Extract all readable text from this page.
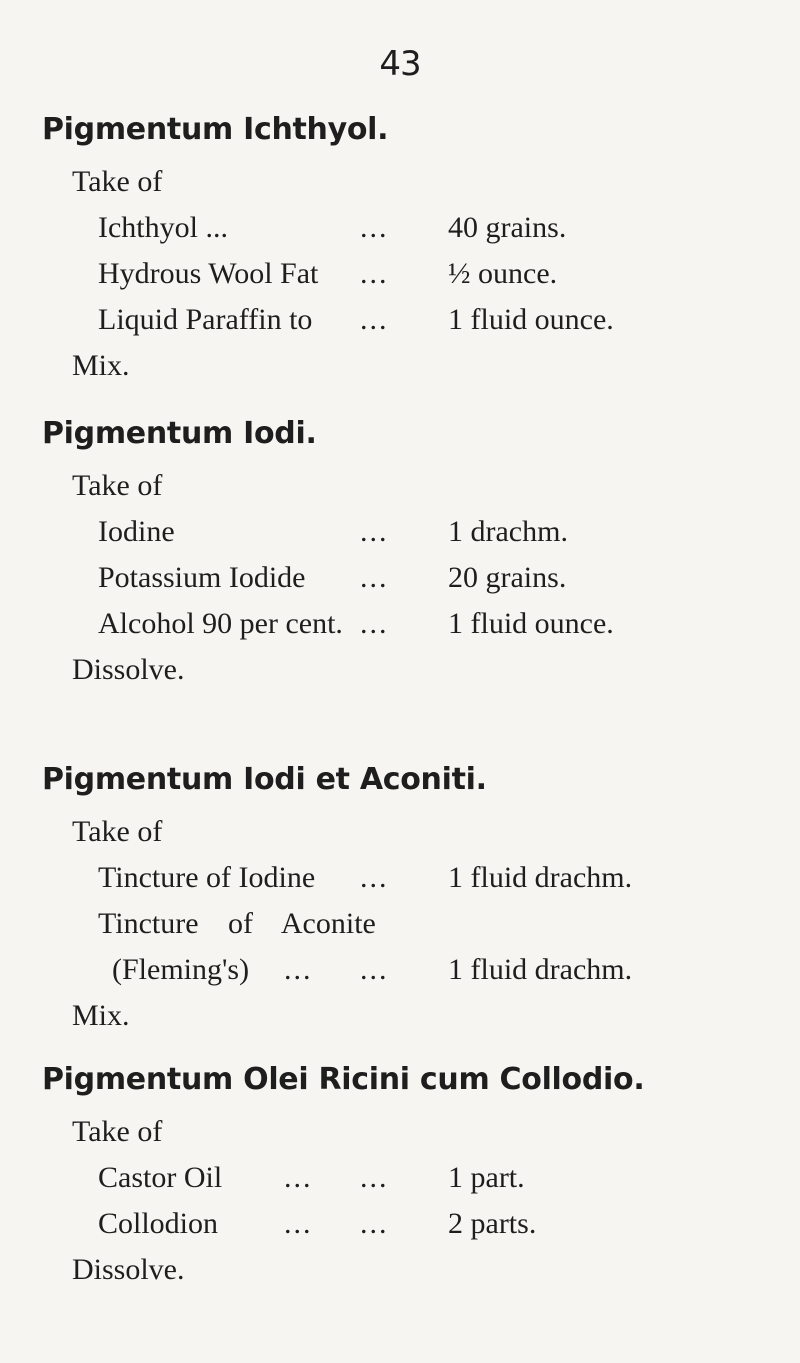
43
Pigmentum Ichthyol.
Take of
Ichthyol ...	... 40 grains.
Hydrous Wool Fat ... ½ ounce.
Liquid Paraffin to ... 1 fluid ounce.
Mix.
Pigmentum Iodi.
Take of
Iodine	... 1 drachm.
Potassium Iodide ... 20 grains.
Alcohol 90 per cent. ... 1 fluid ounce.
Dissolve.
Pigmentum Iodi et Aconiti.
Take of
Tincture of Iodine ... 1 fluid drachm.
Tincture of Aconite
(Fleming's) ... ... 1 fluid drachm.
Mix.
Pigmentum Olei Ricini cum Collodio.
Take of
Castor Oil ... ... 1 part.
Collodion ... ... 2 parts.
Dissolve.
